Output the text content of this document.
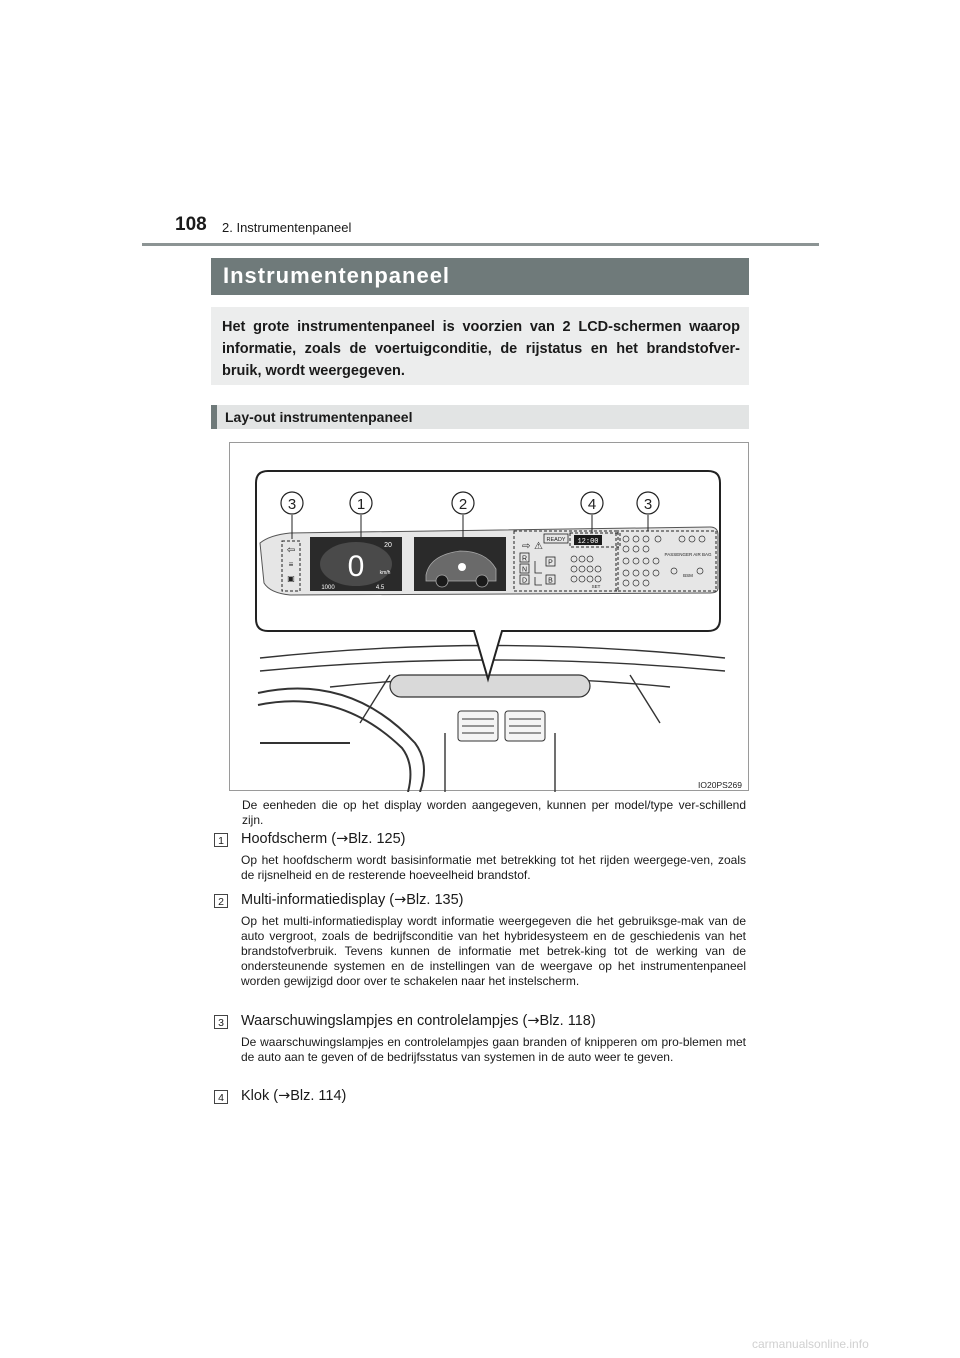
108 2. Instrumentenpaneel
Instrumentenpaneel

Het grote instrumentenpaneel is voorzien van 2 LCD-schermen waarop informatie, zoals de voertuigconditie, de rijstatus en het brandstofver-bruik, wordt weergegeven.

Lay-out instrumentenpaneel
0
20
km/h
1000	4.5
⇦
≡
▣
⇨ ⚠
READY 12:00
R
N
D
P
B
PASSENGER AIR BAG
BSM
SET
3	1	2	4	3
IO20PS269
De eenheden die op het display worden aangegeven, kunnen per model/type ver-schillend zijn.
1 Hoofdscherm (→Blz. 125)
Op het hoofdscherm wordt basisinformatie met betrekking tot het rijden weergege-ven, zoals de rijsnelheid en de resterende hoeveelheid brandstof.
2 Multi-informatiedisplay (→Blz. 135)
Op het multi-informatiedisplay wordt informatie weergegeven die het gebruiksge-mak van de auto vergroot, zoals de bedrijfsconditie van het hybridesysteem en de geschiedenis van het brandstofverbruik. Tevens kunnen de informatie met betrek-king tot de werking van de ondersteunende systemen en de instellingen van de weergave op het instrumentenpaneel worden gewijzigd door over te schakelen naar het instelscherm.
3 Waarschuwingslampjes en controlelampjes (→Blz. 118)
De waarschuwingslampjes en controlelampjes gaan branden of knipperen om pro-blemen met de auto aan te geven of de bedrijfsstatus van systemen in de auto weer te geven.
4 Klok (→Blz. 114)
carmanualsonline.info
